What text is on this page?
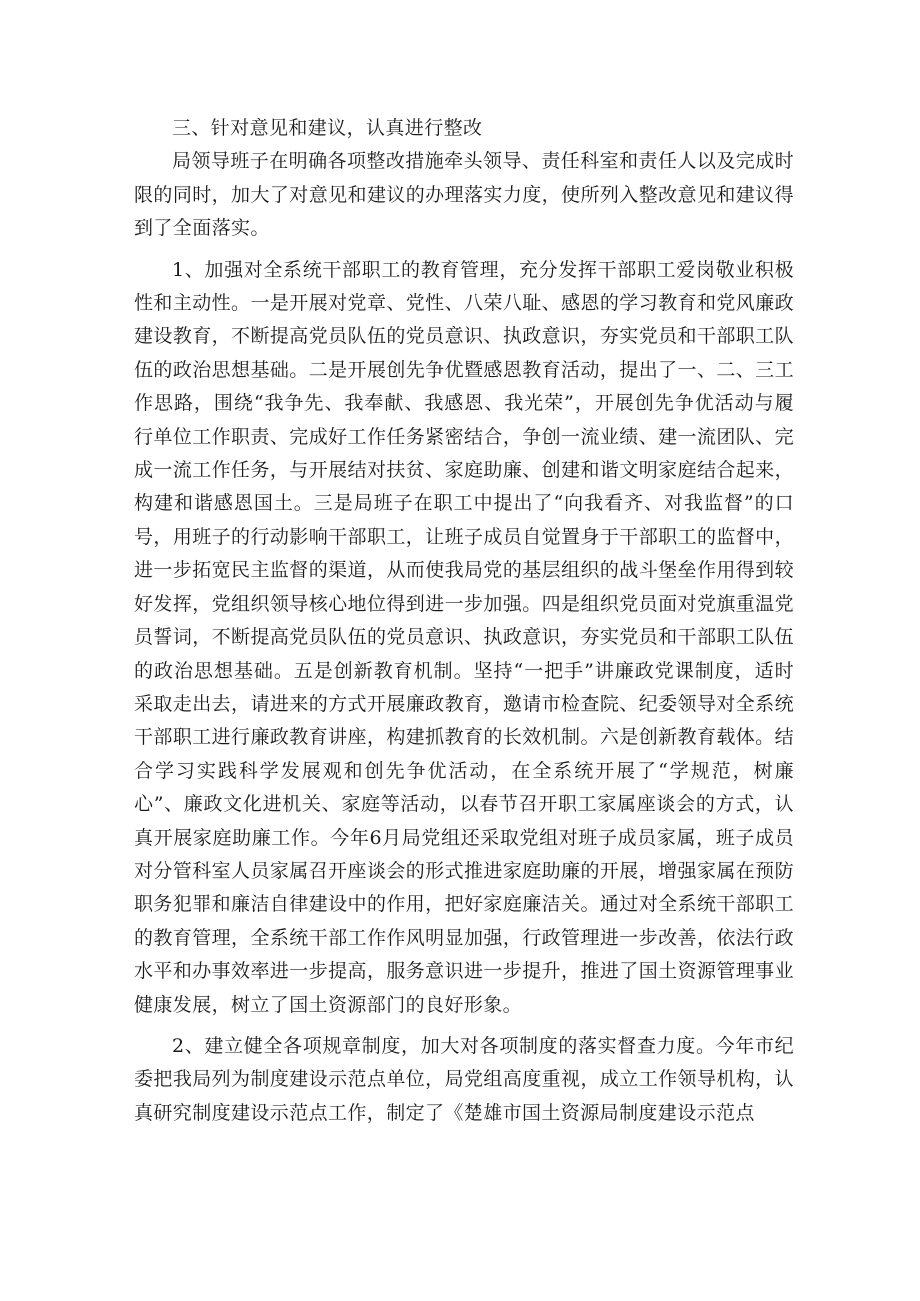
三、针对意见和建议，认真进行整改

局领导班子在明确各项整改措施牵头领导、责任科室和责任人以及完成时限的同时，加大了对意见和建议的办理落实力度，使所列入整改意见和建议得到了全面落实。

1、加强对全系统干部职工的教育管理，充分发挥干部职工爱岗敬业积极性和主动性。一是开展对党章、党性、八荣八耻、感恩的学习教育和党风廉政建设教育，不断提高党员队伍的党员意识、执政意识，夯实党员和干部职工队伍的政治思想基础。二是开展创先争优暨感恩教育活动，提出了一、二、三工作思路，围绕“我争先、我奉献、我感恩、我光荣”，开展创先争优活动与履行单位工作职责、完成好工作任务紧密结合，争创一流业绩、建一流团队、完成一流工作任务，与开展结对扶贫、家庭助廉、创建和谐文明家庭结合起来，构建和谐感恩国土。三是局班子在职工中提出了“向我看齐、对我监督”的口号，用班子的行动影响干部职工，让班子成员自觉置身于干部职工的监督中，进一步拓宽民主监督的渠道，从而使我局党的基层组织的战斗堡垒作用得到较好发挥，党组织领导核心地位得到进一步加强。四是组织党员面对党旗重温党员誓词，不断提高党员队伍的党员意识、执政意识，夯实党员和干部职工队伍的政治思想基础。五是创新教育机制。坚持“一把手”讲廉政党课制度，适时采取走出去，请进来的方式开展廉政教育，邀请市检查院、纪委领导对全系统干部职工进行廉政教育讲座，构建抓教育的长效机制。六是创新教育载体。结合学习实践科学发展观和创先争优活动，在全系统开展了“学规范，树廉心”、廉政文化进机关、家庭等活动，以春节召开职工家属座谈会的方式，认真开展家庭助廉工作。今年6月局党组还采取党组对班子成员家属，班子成员对分管科室人员家属召开座谈会的形式推进家庭助廉的开展，增强家属在预防职务犯罪和廉洁自律建设中的作用，把好家庭廉洁关。通过对全系统干部职工的教育管理，全系统干部工作作风明显加强，行政管理进一步改善，依法行政水平和办事效率进一步提高，服务意识进一步提升，推进了国土资源管理事业健康发展，树立了国土资源部门的良好形象。

2、建立健全各项规章制度，加大对各项制度的落实督查力度。今年市纪委把我局列为制度建设示范点单位，局党组高度重视，成立工作领导机构，认真研究制度建设示范点工作，制定了《楚雄市国土资源局制度建设示范点
